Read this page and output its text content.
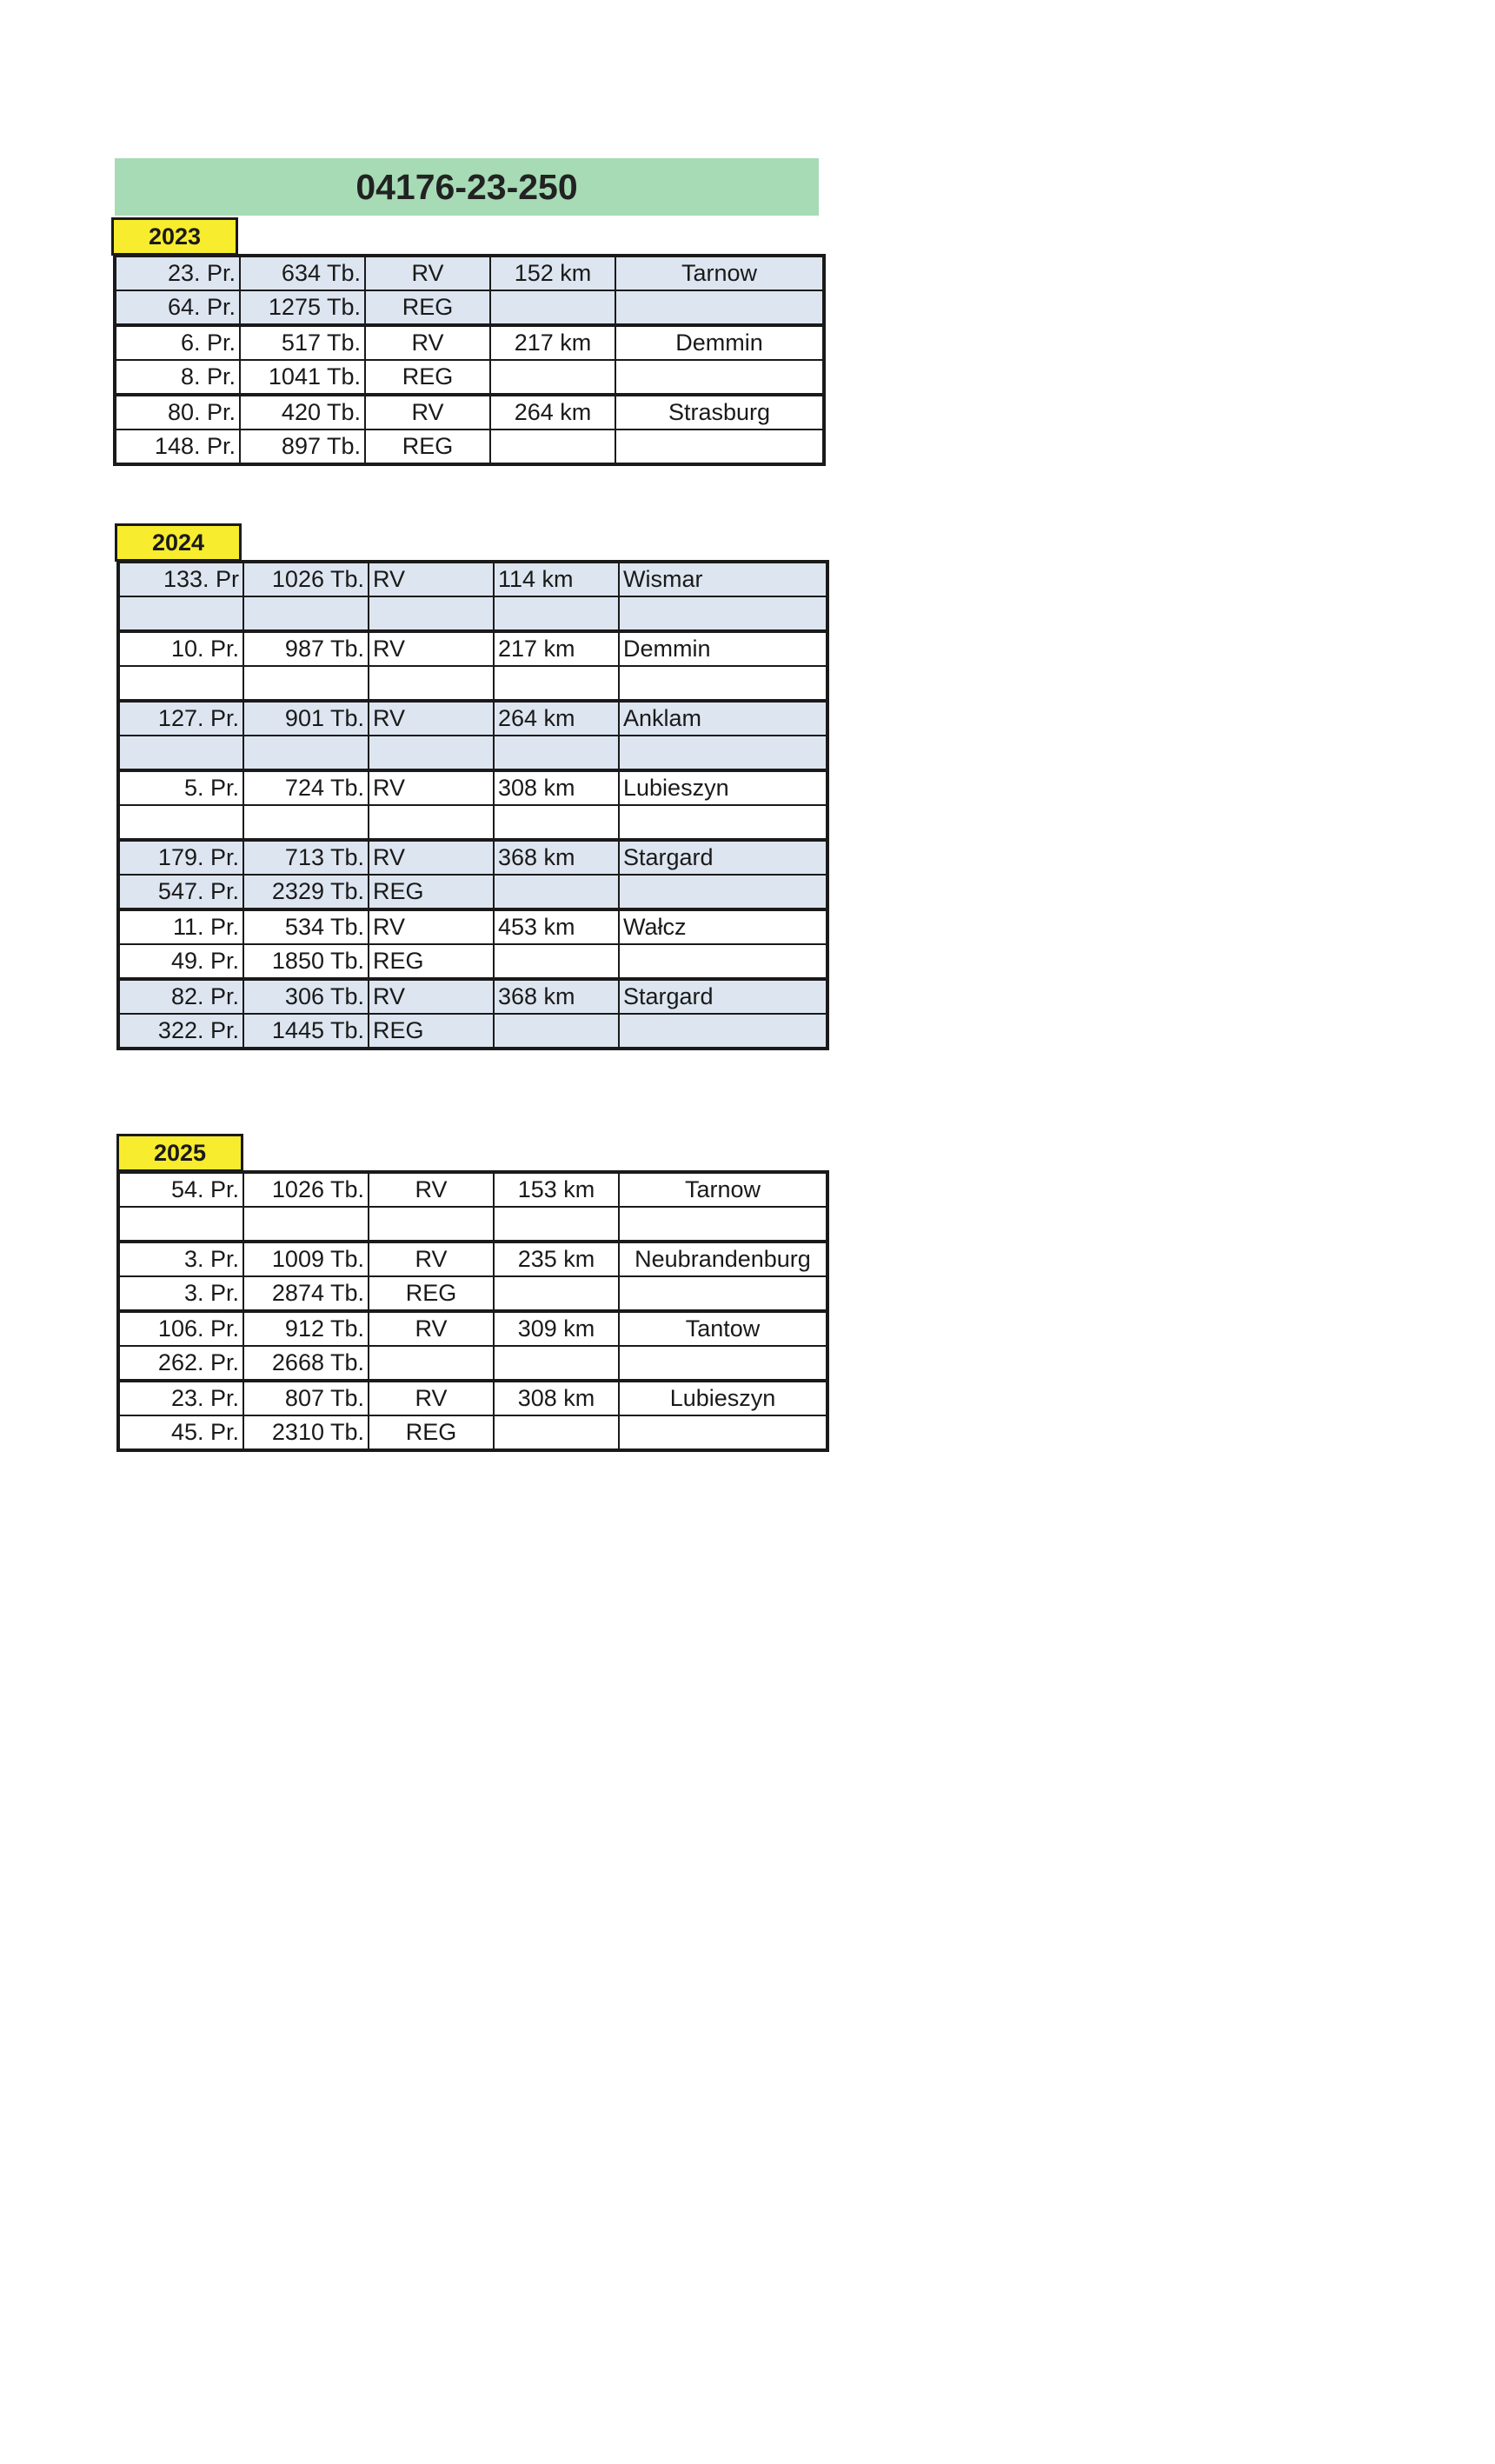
04176-23-250
2023
23. Pr.	634 Tb.	RV	152 km	Tarnow
64. Pr.	1275 Tb.	REG		
6. Pr.	517 Tb.	RV	217 km	Demmin
8. Pr.	1041 Tb.	REG		
80. Pr.	420 Tb.	RV	264 km	Strasburg
148. Pr.	897 Tb.	REG		
2024
133. Pr	1026 Tb.	RV	114 km	Wismar

10. Pr.	987 Tb.	RV	217 km	Demmin

127. Pr.	901 Tb.	RV	264 km	Anklam

5. Pr.	724 Tb.	RV	308 km	Lubieszyn

179. Pr.	713 Tb.	RV	368 km	Stargard
547. Pr.	2329 Tb.	REG		
11. Pr.	534 Tb.	RV	453 km	Wałcz
49. Pr.	1850 Tb.	REG		
82. Pr.	306 Tb.	RV	368 km	Stargard
322. Pr.	1445 Tb.	REG		
2025
54. Pr.	1026 Tb.	RV	153 km	Tarnow

3. Pr.	1009 Tb.	RV	235 km	Neubrandenburg
3. Pr.	2874 Tb.	REG		
106. Pr.	912 Tb.	RV	309 km	Tantow
262. Pr.	2668 Tb.			
23. Pr.	807 Tb.	RV	308 km	Lubieszyn
45. Pr.	2310 Tb.	REG		
